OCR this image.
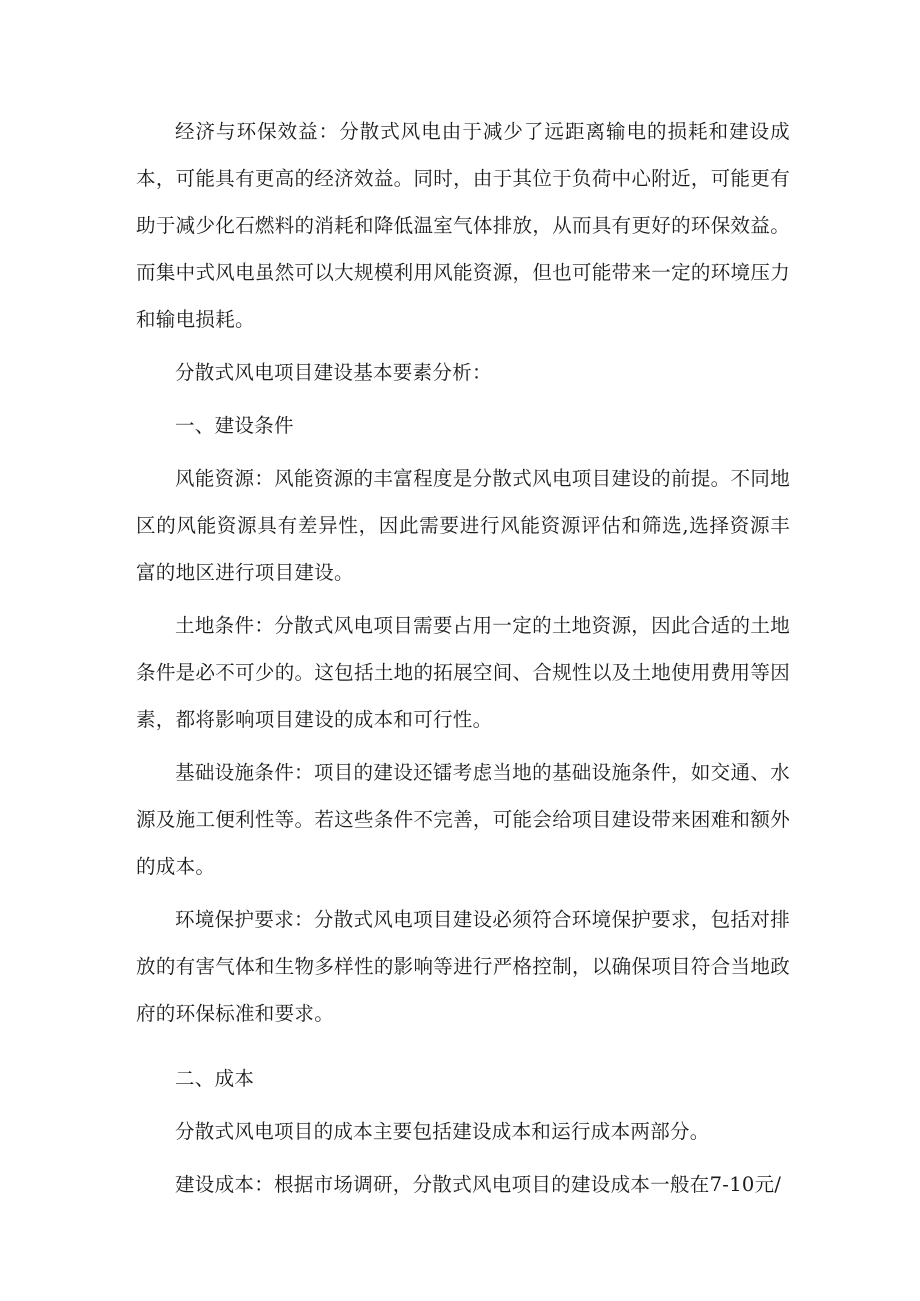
经济与环保效益：分散式风电由于减少了远距离输电的损耗和建设成本，可能具有更高的经济效益。同时，由于其位于负荷中心附近，可能更有助于减少化石燃料的消耗和降低温室气体排放，从而具有更好的环保效益。而集中式风电虽然可以大规模利用风能资源，但也可能带来一定的环境压力和输电损耗。

分散式风电项目建设基本要素分析：

一、建设条件

风能资源：风能资源的丰富程度是分散式风电项目建设的前提。不同地区的风能资源具有差异性，因此需要进行风能资源评估和筛选,选择资源丰富的地区进行项目建设。

土地条件：分散式风电项目需要占用一定的土地资源，因此合适的土地条件是必不可少的。这包括土地的拓展空间、合规性以及土地使用费用等因素，都将影响项目建设的成本和可行性。

基础设施条件：项目的建设还镭考虑当地的基础设施条件，如交通、水源及施工便利性等。若这些条件不完善，可能会给项目建设带来困难和额外的成本。

环境保护要求：分散式风电项目建设必须符合环境保护要求，包括对排放的有害气体和生物多样性的影响等进行严格控制，以确保项目符合当地政府的环保标准和要求。

二、成本

分散式风电项目的成本主要包括建设成本和运行成本两部分。

建设成本：根据市场调研，分散式风电项目的建设成本一般在7-10元/
